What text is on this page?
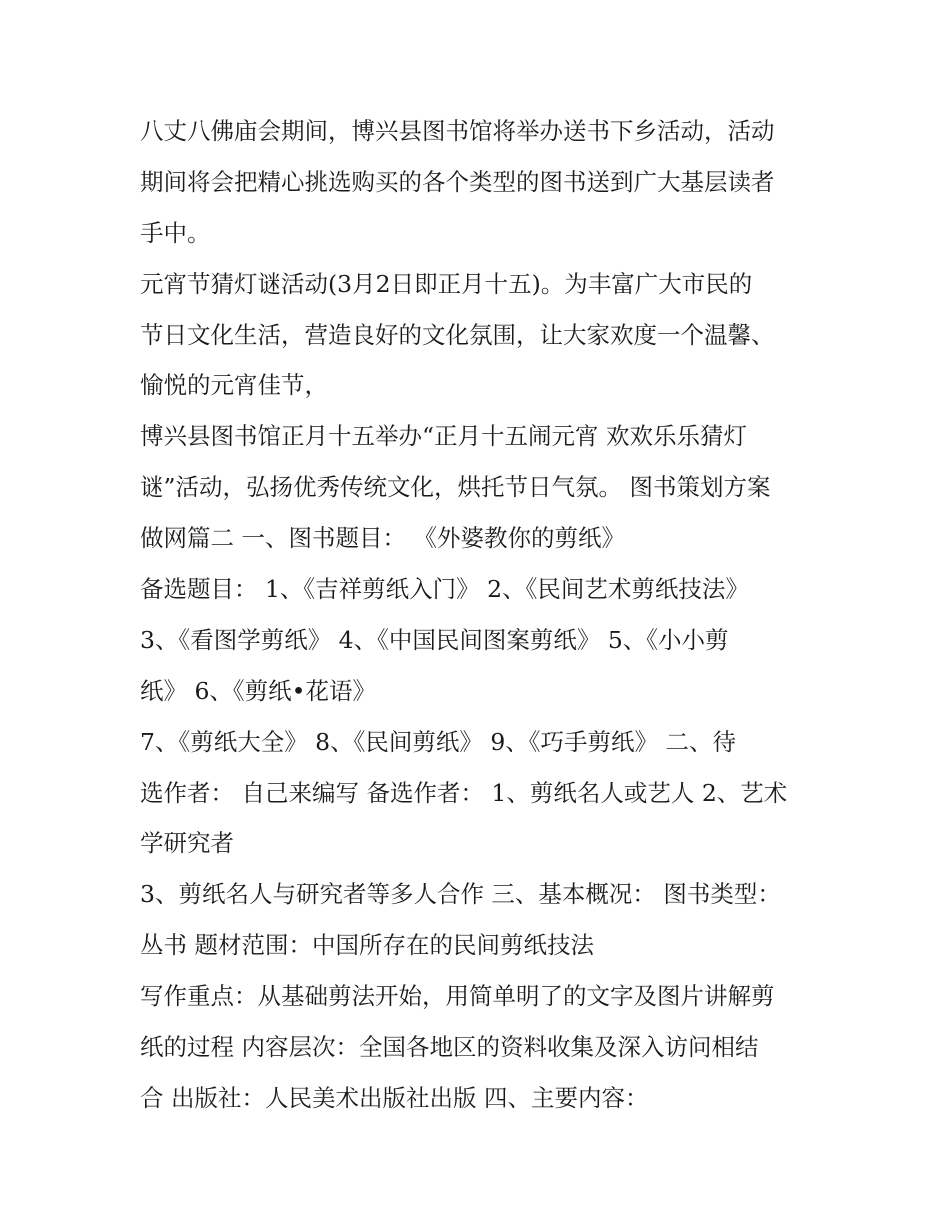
八丈八佛庙会期间，博兴县图书馆将举办送书下乡活动，活动
期间将会把精心挑选购买的各个类型的图书送到广大基层读者
手中。
元宵节猜灯谜活动(3月2日即正月十五)。为丰富广大市民的
节日文化生活，营造良好的文化氛围，让大家欢度一个温馨、
愉悦的元宵佳节，
博兴县图书馆正月十五举办“正月十五闹元宵 欢欢乐乐猜灯
谜”活动，弘扬优秀传统文化，烘托节日气氛。 图书策划方案
做网篇二 一、图书题目： 《外婆教你的剪纸》
备选题目： 1、《吉祥剪纸入门》 2、《民间艺术剪纸技法》
3、《看图学剪纸》 4、《中国民间图案剪纸》 5、《小小剪
纸》 6、《剪纸•花语》
7、《剪纸大全》 8、《民间剪纸》 9、《巧手剪纸》 二、待
选作者： 自己来编写 备选作者： 1、剪纸名人或艺人 2、艺术
学研究者
3、剪纸名人与研究者等多人合作 三、基本概况： 图书类型：
丛书 题材范围：中国所存在的民间剪纸技法
写作重点：从基础剪法开始，用简单明了的文字及图片讲解剪
纸的过程 内容层次：全国各地区的资料收集及深入访问相结
合 出版社：人民美术出版社出版 四、主要内容：
